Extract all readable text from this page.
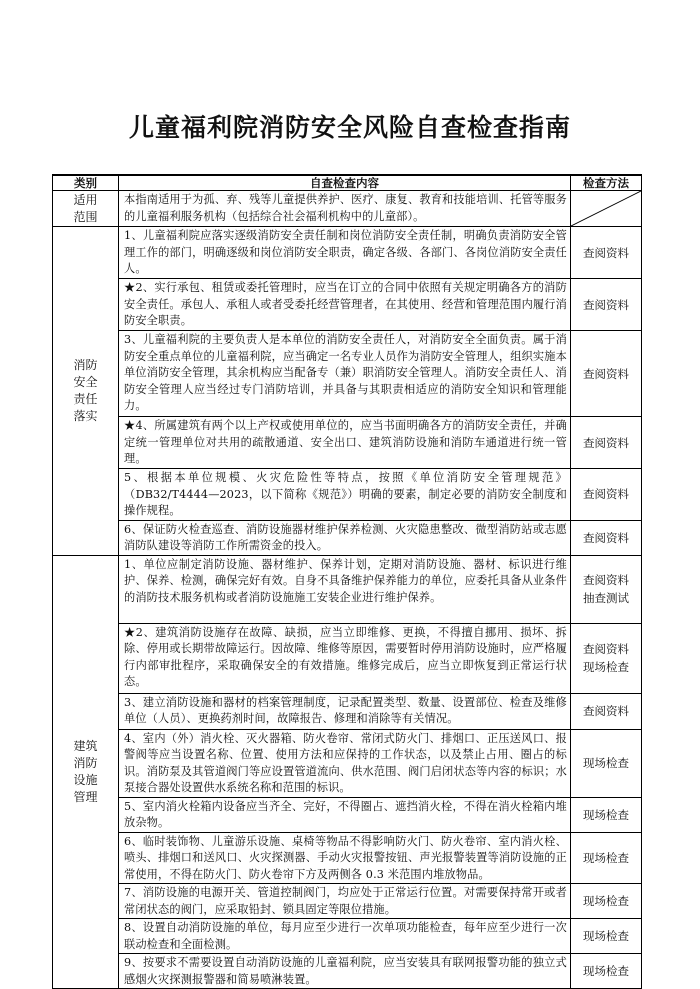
儿童福利院消防安全风险自查检查指南
类别	自查检查内容	检查方法
适用
范围	本指南适用于为孤、弃、残等儿童提供养护、医疗、康复、教育和技能培训、托管等服务的儿童福利服务机构（包括综合社会福利机构中的儿童部）。	

消防
安全
责任
落实	1、儿童福利院应落实逐级消防安全责任制和岗位消防安全责任制，明确负责消防安全管理工作的部门，明确逐级和岗位消防安全职责，确定各级、各部门、各岗位消防安全责任人。	查阅资料
	★2、实行承包、租赁或委托管理时，应当在订立的合同中依照有关规定明确各方的消防安全责任。承包人、承租人或者受委托经营管理者，在其使用、经营和管理范围内履行消防安全职责。	查阅资料
	3、儿童福利院的主要负责人是本单位的消防安全责任人，对消防安全全面负责。属于消防安全重点单位的儿童福利院，应当确定一名专业人员作为消防安全管理人，组织实施本单位消防安全管理，其余机构应当配备专（兼）职消防安全管理人。消防安全责任人、消防安全管理人应当经过专门消防培训，并具备与其职责相适应的消防安全知识和管理能力。	查阅资料
	★4、所属建筑有两个以上产权或使用单位的，应当书面明确各方的消防安全责任，并确定统一管理单位对共用的疏散通道、安全出口、建筑消防设施和消防车通道进行统一管理。	查阅资料
	5、根据本单位规模、火灾危险性等特点，按照《单位消防安全管理规范》（DB32/T4444—2023，以下简称《规范》）明确的要素，制定必要的消防安全制度和操作规程。	查阅资料
	6、保证防火检查巡查、消防设施器材维护保养检测、火灾隐患整改、微型消防站或志愿消防队建设等消防工作所需资金的投入。	查阅资料
建筑
消防
设施
管理	1、单位应制定消防设施、器材维护、保养计划，定期对消防设施、器材、标识进行维护、保养、检测，确保完好有效。自身不具备维护保养能力的单位，应委托具备从业条件的消防技术服务机构或者消防设施施工安装企业进行维护保养。	查阅资料
抽查测试
	★2、建筑消防设施存在故障、缺损，应当立即维修、更换，不得擅自挪用、损坏、拆除、停用或长期带故障运行。因故障、维修等原因，需要暂时停用消防设施时，应严格履行内部审批程序，采取确保安全的有效措施。维修完成后，应当立即恢复到正常运行状态。	查阅资料
现场检查
	3、建立消防设施和器材的档案管理制度，记录配置类型、数量、设置部位、检查及维修单位（人员）、更换药剂时间，故障报告、修理和消除等有关情况。	查阅资料
	4、室内（外）消火栓、灭火器箱、防火卷帘、常闭式防火门、排烟口、正压送风口、报警阀等应当设置名称、位置、使用方法和应保持的工作状态，以及禁止占用、圈占的标识。消防泵及其管道阀门等应设置管道流向、供水范围、阀门启闭状态等内容的标识；水泵接合器处设置供水系统名称和范围的标识。	现场检查
	5、室内消火栓箱内设备应当齐全、完好，不得圈占、遮挡消火栓，不得在消火栓箱内堆放杂物。	现场检查
	6、临时装饰物、儿童游乐设施、桌椅等物品不得影响防火门、防火卷帘、室内消火栓、喷头、排烟口和送风口、火灾探测器、手动火灾报警按钮、声光报警装置等消防设施的正常使用，不得在防火门、防火卷帘下方及两侧各 0.3 米范围内堆放物品。	现场检查
	7、消防设施的电源开关、管道控制阀门，均应处于正常运行位置。对需要保持常开或者常闭状态的阀门，应采取铅封、锁具固定等限位措施。	现场检查
	8、设置自动消防设施的单位，每月应至少进行一次单项功能检查，每年应至少进行一次联动检查和全面检测。	现场检查
	9、按要求不需要设置自动消防设施的儿童福利院，应当安装具有联网报警功能的独立式感烟火灾探测报警器和简易喷淋装置。	现场检查
